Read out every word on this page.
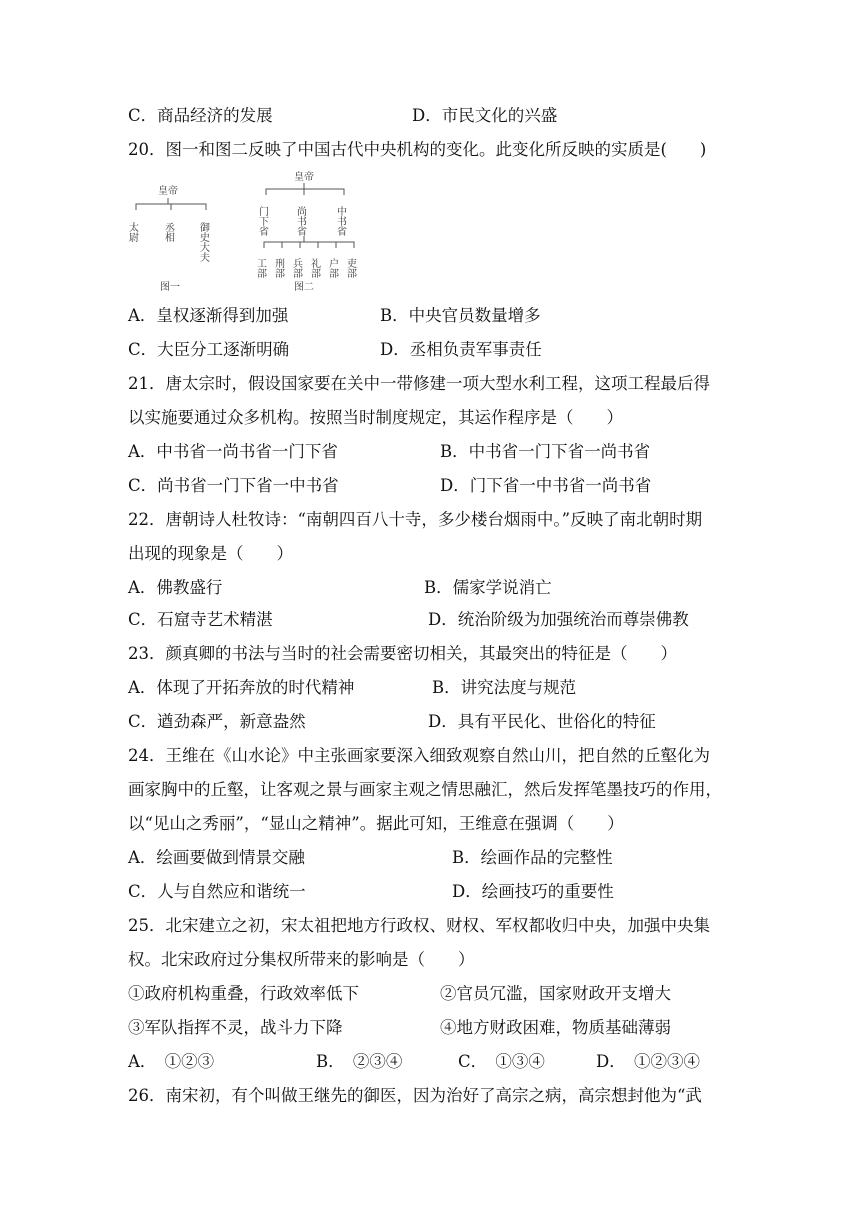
C．商品经济的发展	D．市民文化的兴盛
20．图一和图二反映了中国古代中央机构的变化。此变化所反映的实质是(　　)
皇帝
太尉	丞相 御史大夫
图一
皇帝
门下省	尚书省	中书省
工部 刑部 兵部 礼部 户部 吏部
图二
A．皇权逐渐得到加强	B．中央官员数量增多
C．大臣分工逐渐明确	D．丞相负责军事责任
21．唐太宗时，假设国家要在关中一带修建一项大型水利工程，这项工程最后得
以实施要通过众多机构。按照当时制度规定，其运作程序是（　　）
A．中书省一尚书省一门下省	B．中书省一门下省一尚书省
C．尚书省一门下省一中书省	D．门下省一中书省一尚书省
22．唐朝诗人杜牧诗：“南朝四百八十寺，多少楼台烟雨中。”反映了南北朝时期
出现的现象是（　　）
A．佛教盛行	B．儒家学说消亡
C．石窟寺艺术精湛	D．统治阶级为加强统治而尊崇佛教
23．颜真卿的书法与当时的社会需要密切相关，其最突出的特征是（　　）
A．体现了开拓奔放的时代精神	B．讲究法度与规范
C．遒劲森严，新意盎然	D．具有平民化、世俗化的特征
24．王维在《山水论》中主张画家要深入细致观察自然山川，把自然的丘壑化为
画家胸中的丘壑，让客观之景与画家主观之情思融汇，然后发挥笔墨技巧的作用，
以“见山之秀丽”，“显山之精神”。据此可知，王维意在强调（　　）
A．绘画要做到情景交融	B．绘画作品的完整性
C．人与自然应和谐统一	D．绘画技巧的重要性
25．北宋建立之初，宋太祖把地方行政权、财权、军权都收归中央，加强中央集
权。北宋政府过分集权所带来的影响是（　　）
①政府机构重叠，行政效率低下	②官员冗滥，国家财政开支增大
③军队指挥不灵，战斗力下降	④地方财政困难，物质基础薄弱
A．　①②③	B．　②③④	C．　①③④	D．　①②③④
26．南宋初，有个叫做王继先的御医，因为治好了高宗之病，高宗想封他为“武
